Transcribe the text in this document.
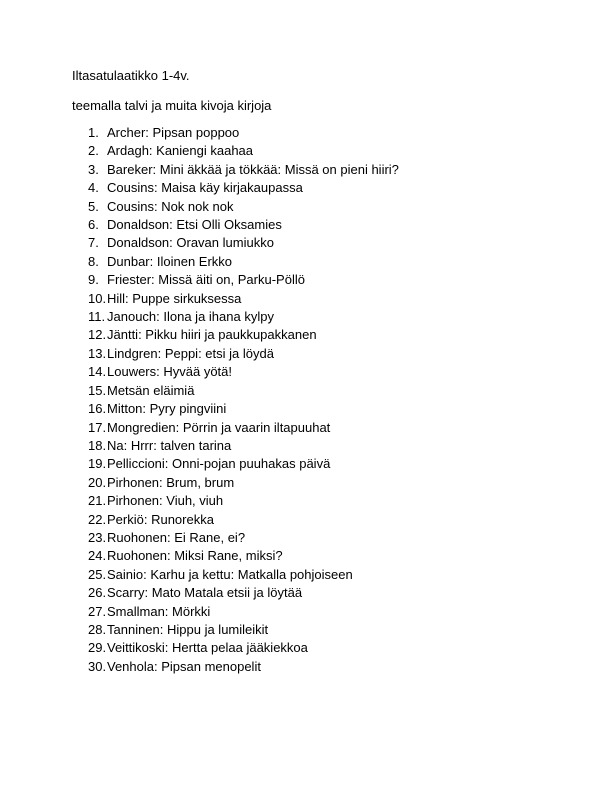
Iltasatulaatikko 1-4v.

teemalla talvi ja muita kivoja kirjoja

1. Archer: Pipsan poppoo
2. Ardagh: Kaniengi kaahaa
3. Bareker: Mini äkkää ja tökkää: Missä on pieni hiiri?
4. Cousins: Maisa käy kirjakaupassa
5. Cousins: Nok nok nok
6. Donaldson: Etsi Olli Oksamies
7. Donaldson: Oravan lumiukko
8. Dunbar: Iloinen Erkko
9. Friester: Missä äiti on, Parku-Pöllö
10.Hill: Puppe sirkuksessa
11. Janouch: Ilona ja ihana kylpy
12.Jäntti: Pikku hiiri ja paukkupakkanen
13.Lindgren: Peppi: etsi ja löydä
14.Louwers: Hyvää yötä!
15.Metsän eläimiä
16.Mitton: Pyry pingviini
17.Mongredien: Pörrin ja vaarin iltapuuhat
18.Na: Hrrr: talven tarina
19.Pelliccioni: Onni-pojan puuhakas päivä
20.Pirhonen: Brum, brum
21.Pirhonen: Viuh, viuh
22.Perkiö: Runorekka
23.Ruohonen: Ei Rane, ei?
24.Ruohonen: Miksi Rane, miksi?
25.Sainio: Karhu ja kettu: Matkalla pohjoiseen
26.Scarry: Mato Matala etsii ja löytää
27.Smallman: Mörkki
28.Tanninen: Hippu ja lumileikit
29.Veittikoski: Hertta pelaa jääkiekkoa
30.Venhola: Pipsan menopelit
